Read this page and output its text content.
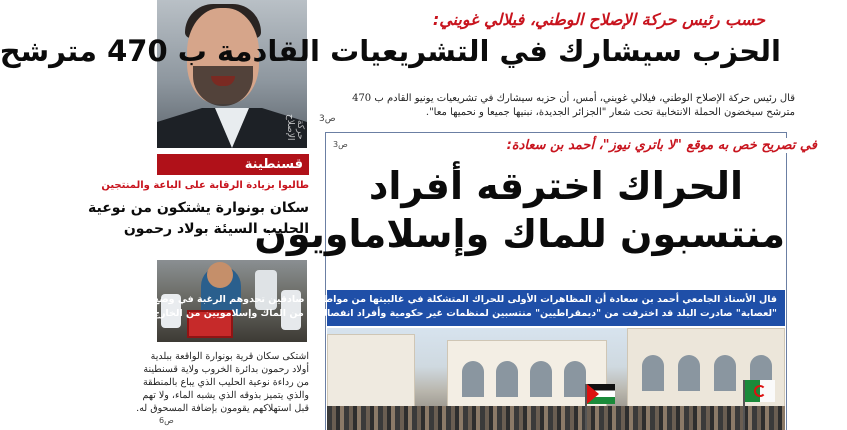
حركة الإصلاح
حسب رئيس حركة الإصلاح الوطني، فيلالي غويني:
الحزب سيشارك في التشريعيات القادمة ب 470 مترشح
قال رئيس حركة الإصلاح الوطني، فيلالي غويني، أمس، أن حزبه سيشارك في تشريعيات يونيو القادم ب 470
مترشح سيخضون الحملة الانتخابية تحت شعار "الجزائر الجديدة، نبنيها جميعا و نحميها معا".
ص3
قسنطينة
طالبوا بزيادة الرقابة على الباعة والمنتجين
سكان بونوارة يشتكون من نوعية
الحليب السيئة بولاد رحمون
اشتكى سكان قرية بونوارة الواقعة ببلدية
أولاد رحمون بدائرة الخروب ولاية قسنطينة
من رداءة نوعية الحليب الذي يباع بالمنطقة
والذي يتميز بذوقه الذي يشبه الماء، ولا تهم
قبل استهلاكهم يقومون بإضافة المسحوق له.
ص6
في تصريح خص به موقع "لا باتري نيوز"، أحمد بن سعادة:
ص3
الحراك اخترقه أفراد
منتسبون للماك وإسلاماويون
قال الأستاذ الجامعي أحمد بن سعادة أن المظاهرات الأولى للحراك المتشكلة في غالبيتها من مواطنين صادقين تحدوهم الرغبة في وضع حد
"لعصابة" صادرت البلد قد اخترقت من "ديمقراطيين" منتسبين لمنظمات غير حكومية وأفراد انفصاليين من الماك وإسلامويين من الخارج".
